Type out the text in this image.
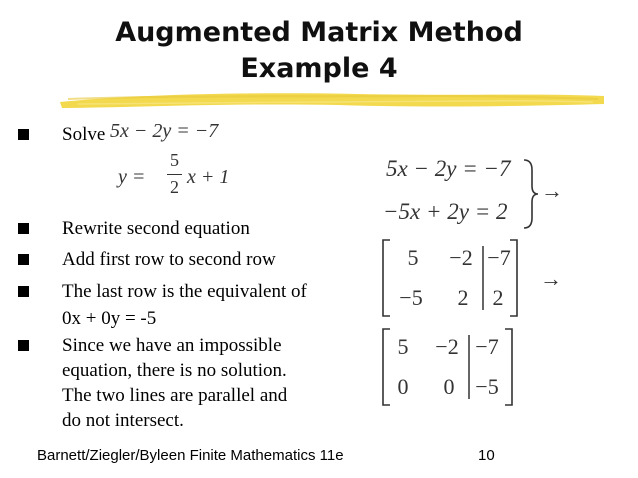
Augmented Matrix Method
Example 4
Solve
Rewrite second equation
Add first row to second row
The last row is the equivalent of
0x + 0y = -5
Since we have an impossible
equation, there is no solution.
The two lines are parallel and
do not intersect.
5x − 2y = −7
y =
5
2 x + 1	5x − 2y = −7
−5x + 2y = 2
→
5	−2 −7
−5	2	2
→
5	−2 −7
0	0 −5
Barnett/Ziegler/Byleen Finite Mathematics 11e	10
